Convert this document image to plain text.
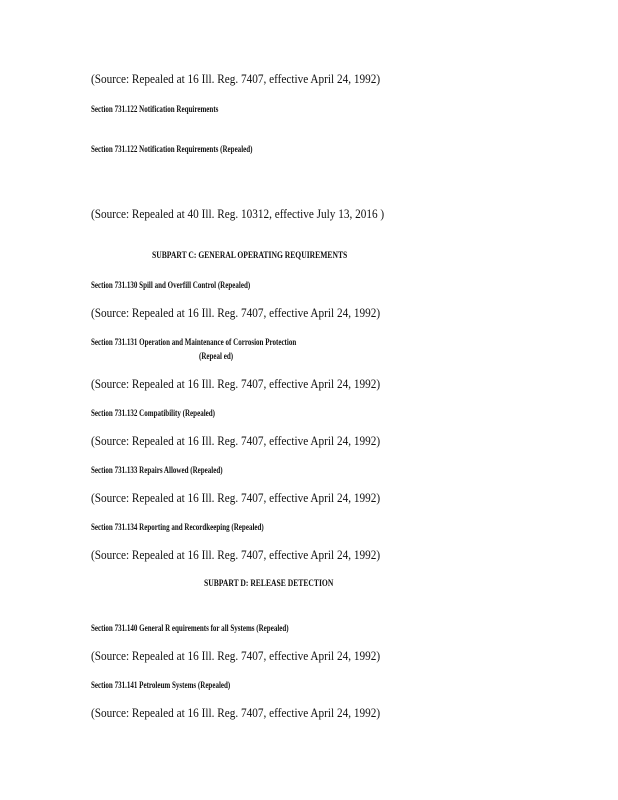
(Source: Repealed at 16 Ill. Reg. 7407, effective April 24, 1992)
Section 731.122 Notification Requirements
Section 731.122 Notification Requirements (Repealed)
(Source: Repealed at 40 Ill. Reg. 10312, effective July 13, 2016 )
SUBPART C: GENERAL OPERATING REQUIREMENTS
Section 731.130 Spill and Overfill Control (Repealed)
(Source: Repealed at 16 Ill. Reg. 7407, effective April 24, 1992)
Section 731.131 Operation and Maintenance of Corrosion Protection
(Repeal ed)
(Source: Repealed at 16 Ill. Reg. 7407, effective April 24, 1992)
Section 731.132 Compatibility (Repealed)
(Source: Repealed at 16 Ill. Reg. 7407, effective April 24, 1992)
Section 731.133 Repairs Allowed (Repealed)
(Source: Repealed at 16 Ill. Reg. 7407, effective April 24, 1992)
Section 731.134 Reporting and Recordkeeping (Repealed)
(Source: Repealed at 16 Ill. Reg. 7407, effective April 24, 1992)
SUBPART D: RELEASE DETECTION
Section 731.140 General R equirements for all Systems (Repealed)
(Source: Repealed at 16 Ill. Reg. 7407, effective April 24, 1992)
Section 731.141 Petroleum Systems (Repealed)
(Source: Repealed at 16 Ill. Reg. 7407, effective April 24, 1992)
